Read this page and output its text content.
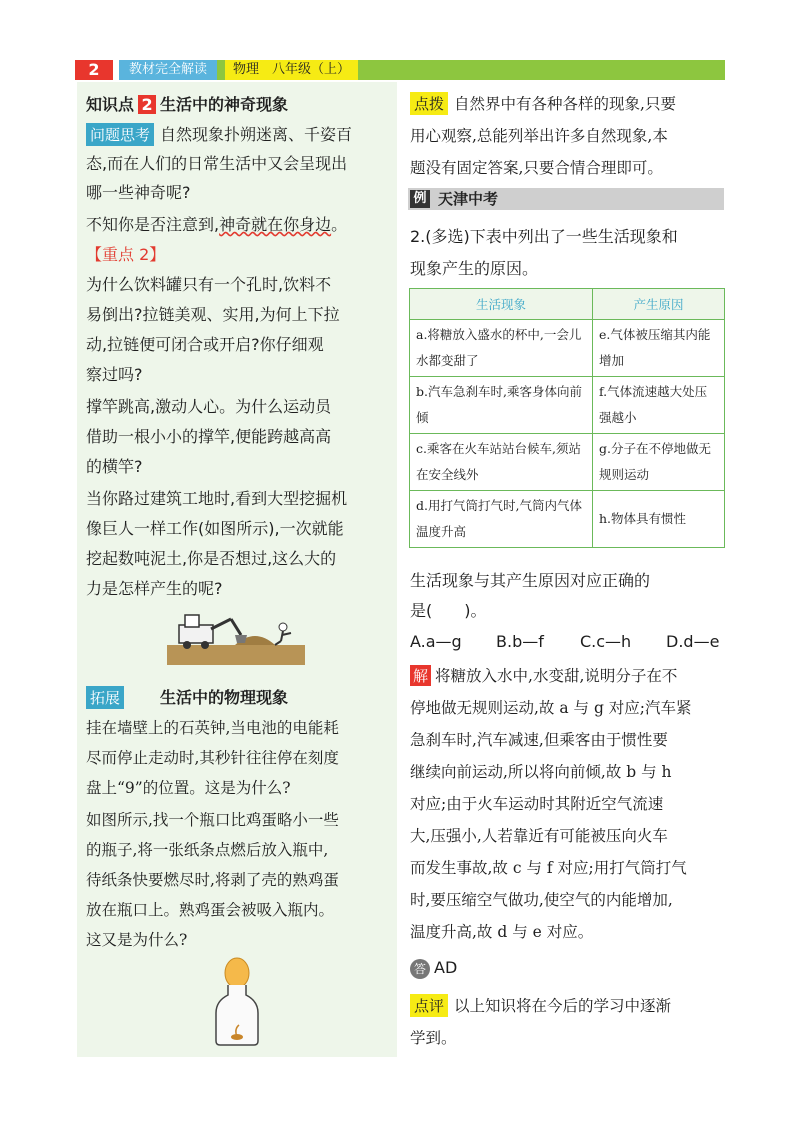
2	教材完全解读	物理　八年级（上）
知识点 2 生活中的神奇现象
问题思考 自然现象扑朔迷离、千姿百
态,而在人们的日常生活中又会呈现出
哪一些神奇呢?
不知你是否注意到,神奇就在你身边。
【重点 2】
为什么饮料罐只有一个孔时,饮料不
易倒出?拉链美观、实用,为何上下拉
动,拉链便可闭合或开启?你仔细观
察过吗?
撑竿跳高,激动人心。为什么运动员
借助一根小小的撑竿,便能跨越高高
的横竿?
当你路过建筑工地时,看到大型挖掘机
像巨人一样工作(如图所示),一次就能
挖起数吨泥土,你是否想过,这么大的
力是怎样产生的呢?
拓展	生活中的物理现象
挂在墙壁上的石英钟,当电池的电能耗
尽而停止走动时,其秒针往往停在刻度
盘上“9”的位置。这是为什么?
如图所示,找一个瓶口比鸡蛋略小一些
的瓶子,将一张纸条点燃后放入瓶中,
待纸条快要燃尽时,将剥了壳的熟鸡蛋
放在瓶口上。熟鸡蛋会被吸入瓶内。
这又是为什么?
点拨 自然界中有各种各样的现象,只要
用心观察,总能列举出许多自然现象,本
题没有固定答案,只要合情合理即可。
例 天津中考
2.(多选)下表中列出了一些生活现象和
现象产生的原因。
生活现象	产生原因
a.将糖放入盛水的杯中,一会儿水都变甜了	e.气体被压缩其内能增加
b.汽车急刹车时,乘客身体向前倾	f.气体流速越大处压强越小
c.乘客在火车站站台候车,须站在安全线外	g.分子在不停地做无规则运动
d.用打气筒打气时,气筒内气体温度升高	h.物体具有惯性
生活现象与其产生原因对应正确的
是(　　)。
A.a—g B.b—f C.c—h D.d—e
解 将糖放入水中,水变甜,说明分子在不
停地做无规则运动,故 a 与 g 对应;汽车紧
急刹车时,汽车减速,但乘客由于惯性要
继续向前运动,所以将向前倾,故 b 与 h
对应;由于火车运动时其附近空气流速
大,压强小,人若靠近有可能被压向火车
而发生事故,故 c 与 f 对应;用打气筒打气
时,要压缩空气做功,使空气的内能增加,
温度升高,故 d 与 e 对应。
答 AD
点评 以上知识将在今后的学习中逐渐
学到。
